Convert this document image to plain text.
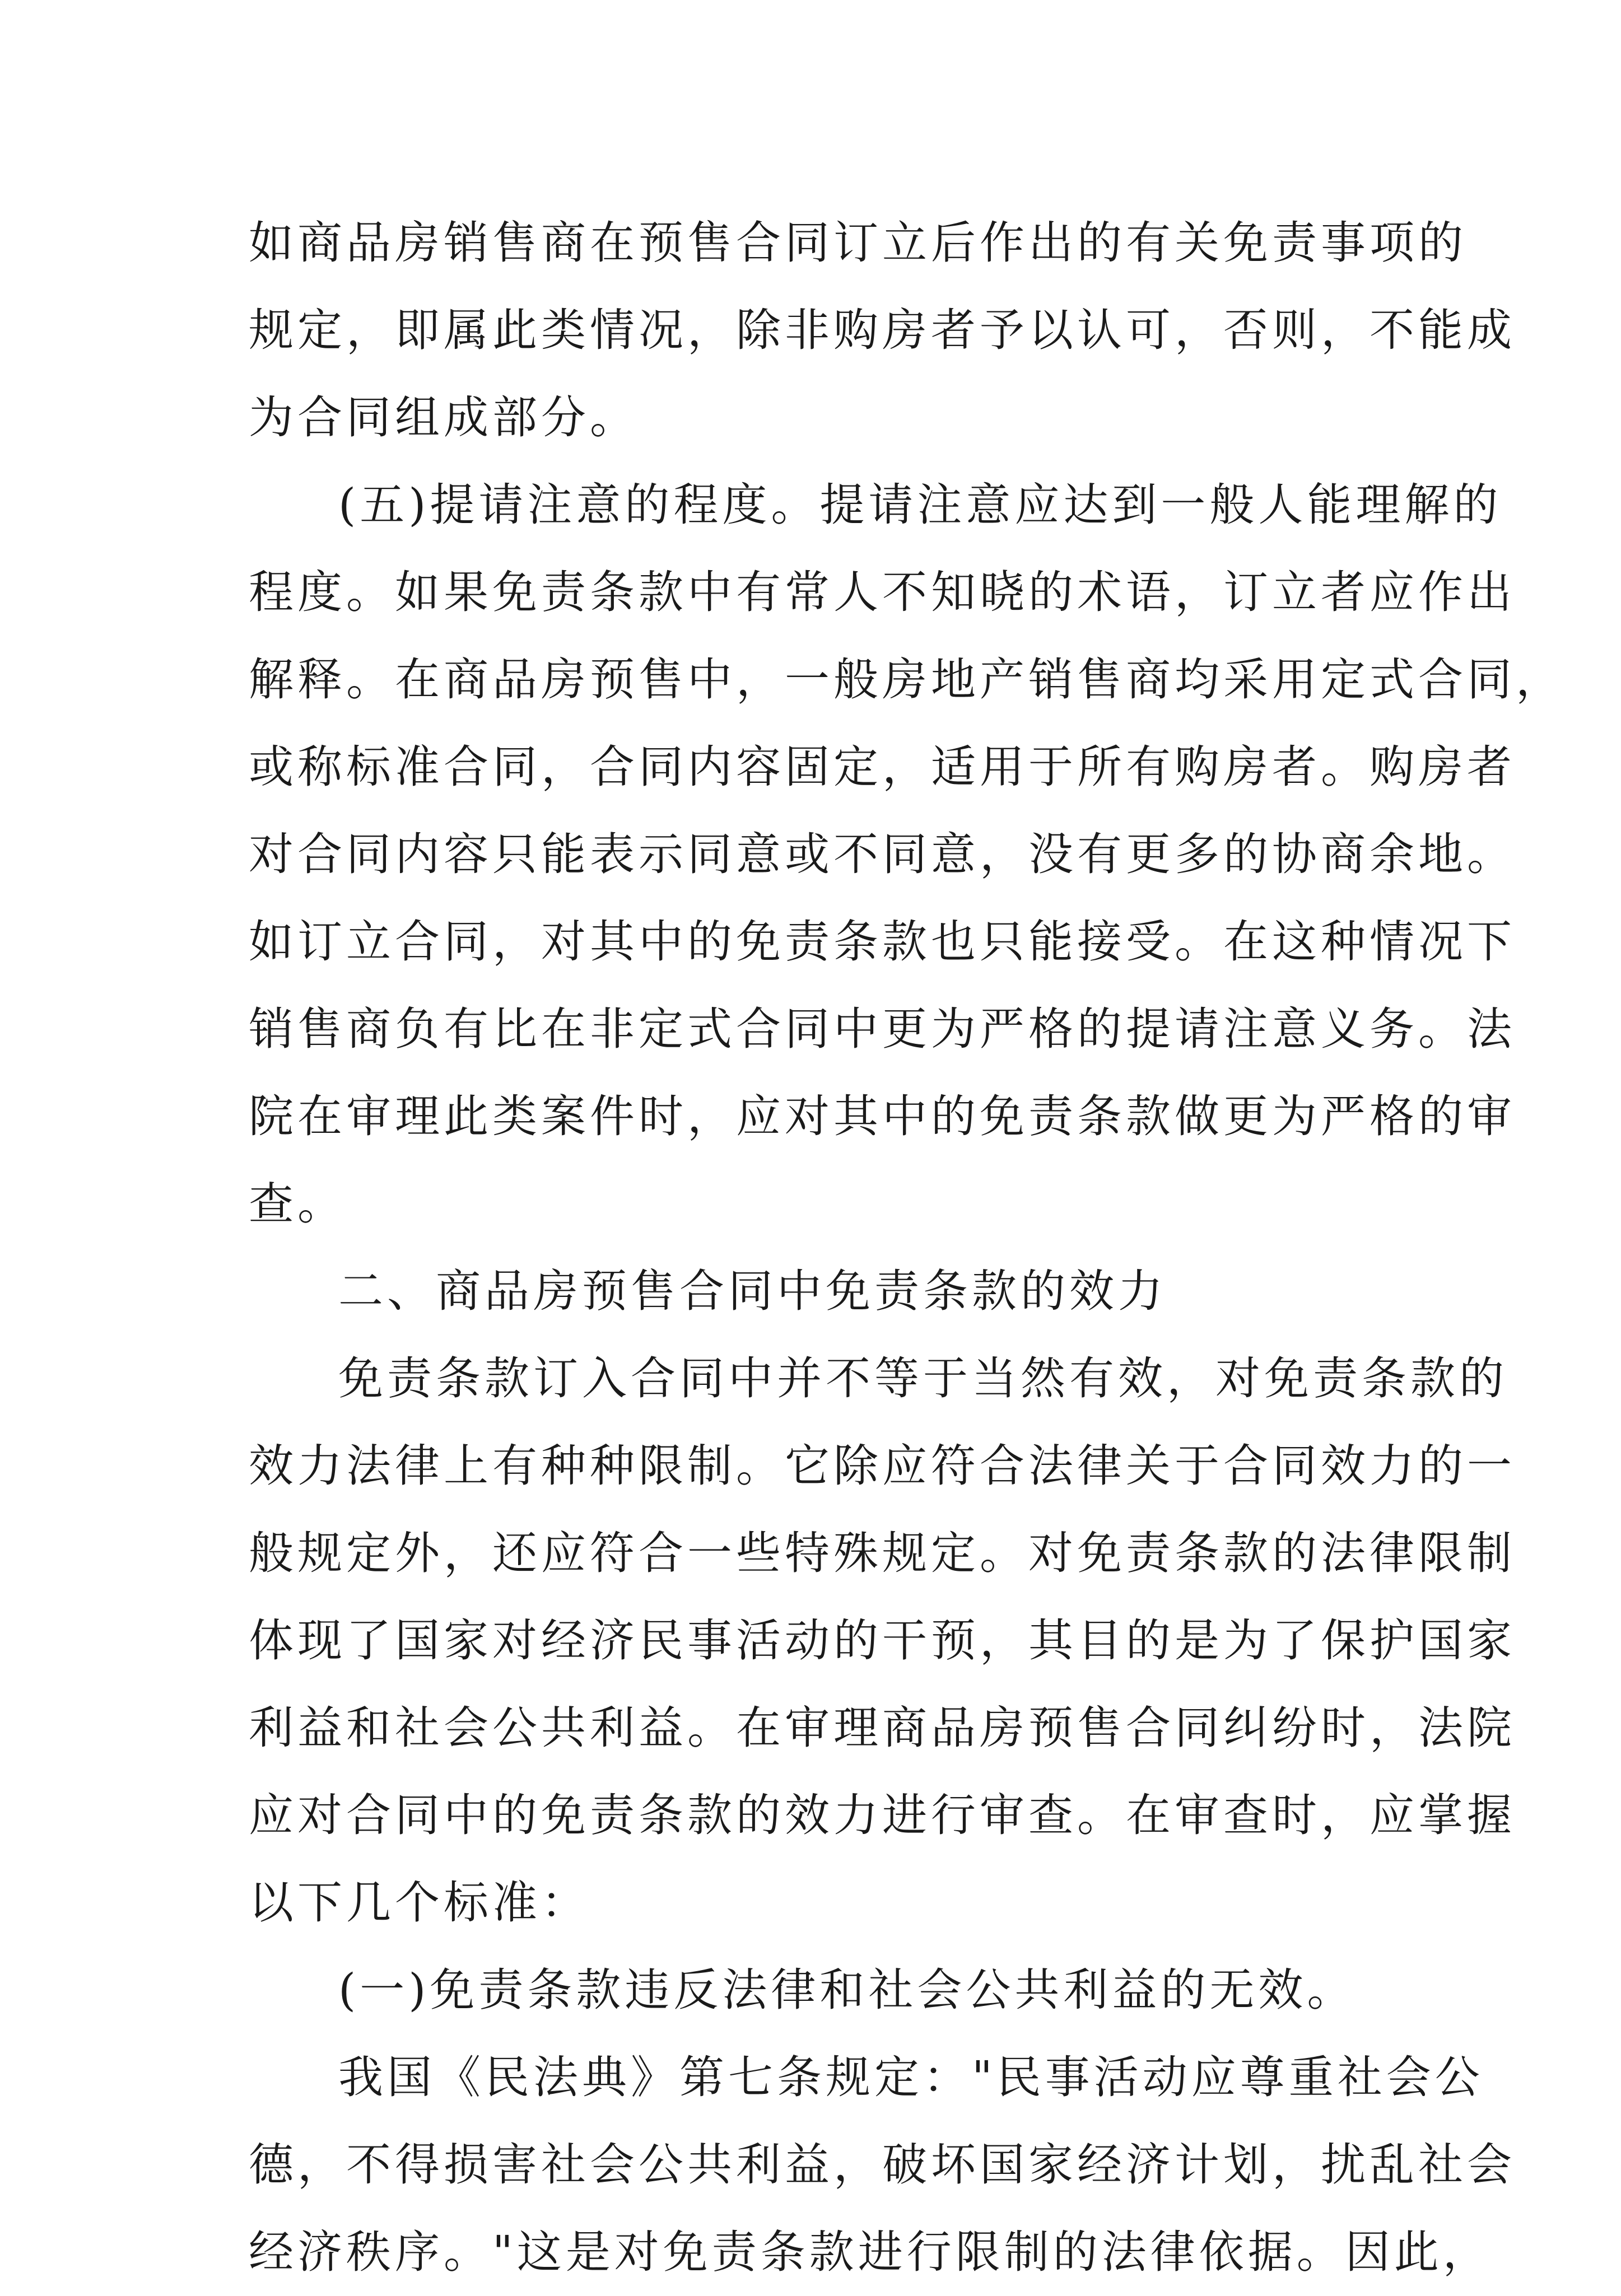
如商品房销售商在预售合同订立后作出的有关免责事项的
规定，即属此类情况，除非购房者予以认可，否则，不能成
为合同组成部分。
(五)提请注意的程度。提请注意应达到一般人能理解的
程度。如果免责条款中有常人不知晓的术语，订立者应作出
解释。在商品房预售中，一般房地产销售商均采用定式合同，
或称标准合同，合同内容固定，适用于所有购房者。购房者
对合同内容只能表示同意或不同意，没有更多的协商余地。
如订立合同，对其中的免责条款也只能接受。在这种情况下
销售商负有比在非定式合同中更为严格的提请注意义务。法
院在审理此类案件时，应对其中的免责条款做更为严格的审
查。
二、商品房预售合同中免责条款的效力
免责条款订入合同中并不等于当然有效，对免责条款的
效力法律上有种种限制。它除应符合法律关于合同效力的一
般规定外，还应符合一些特殊规定。对免责条款的法律限制
体现了国家对经济民事活动的干预，其目的是为了保护国家
利益和社会公共利益。在审理商品房预售合同纠纷时，法院
应对合同中的免责条款的效力进行审查。在审查时，应掌握
以下几个标准：
(一)免责条款违反法律和社会公共利益的无效。
我国《民法典》第七条规定："民事活动应尊重社会公
德，不得损害社会公共利益，破坏国家经济计划，扰乱社会
经济秩序。"这是对免责条款进行限制的法律依据。因此，
